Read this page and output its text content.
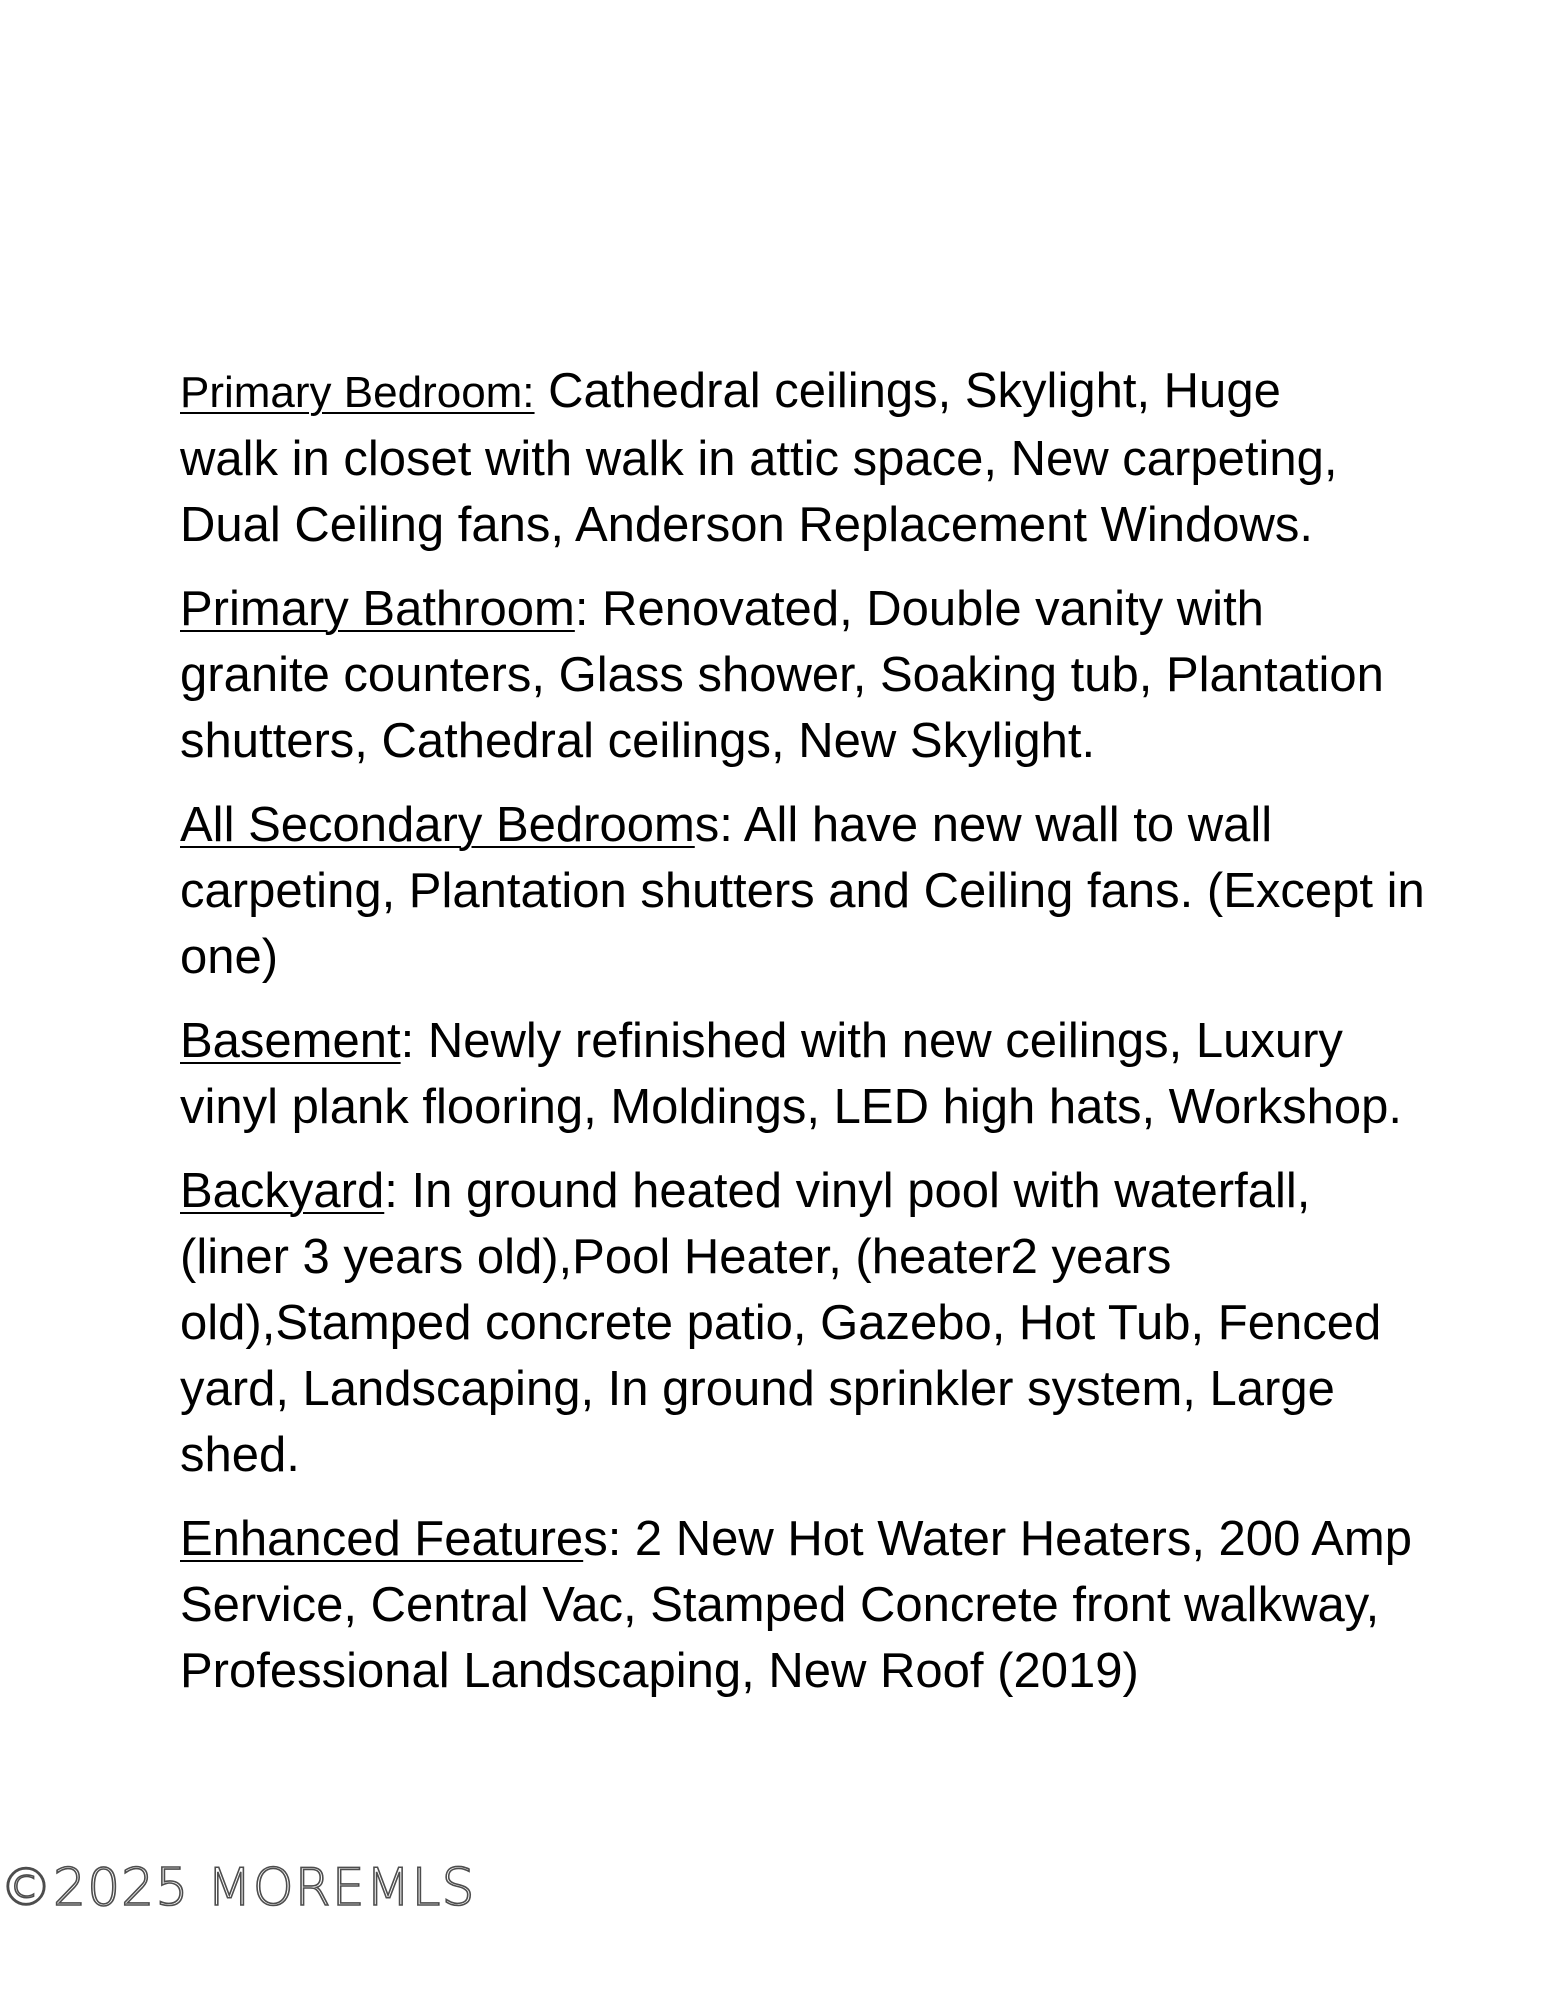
Primary Bedroom: Cathedral ceilings, Skylight, Huge
walk in closet with walk in attic space, New carpeting,
Dual Ceiling fans, Anderson Replacement Windows.

Primary Bathroom: Renovated, Double vanity with
granite counters, Glass shower, Soaking tub, Plantation
shutters, Cathedral ceilings, New Skylight.

All Secondary Bedrooms: All have new wall to wall
carpeting, Plantation shutters and Ceiling fans. (Except in
one)

Basement: Newly refinished with new ceilings, Luxury
vinyl plank flooring, Moldings, LED high hats, Workshop.

Backyard: In ground heated vinyl pool with waterfall,
(liner 3 years old),Pool Heater, (heater2 years
old),Stamped concrete patio, Gazebo, Hot Tub, Fenced
yard, Landscaping, In ground sprinkler system, Large
shed.

Enhanced Features: 2 New Hot Water Heaters, 200 Amp
Service, Central Vac, Stamped Concrete front walkway,
Professional Landscaping, New Roof (2019)

©2025 MOREMLS
